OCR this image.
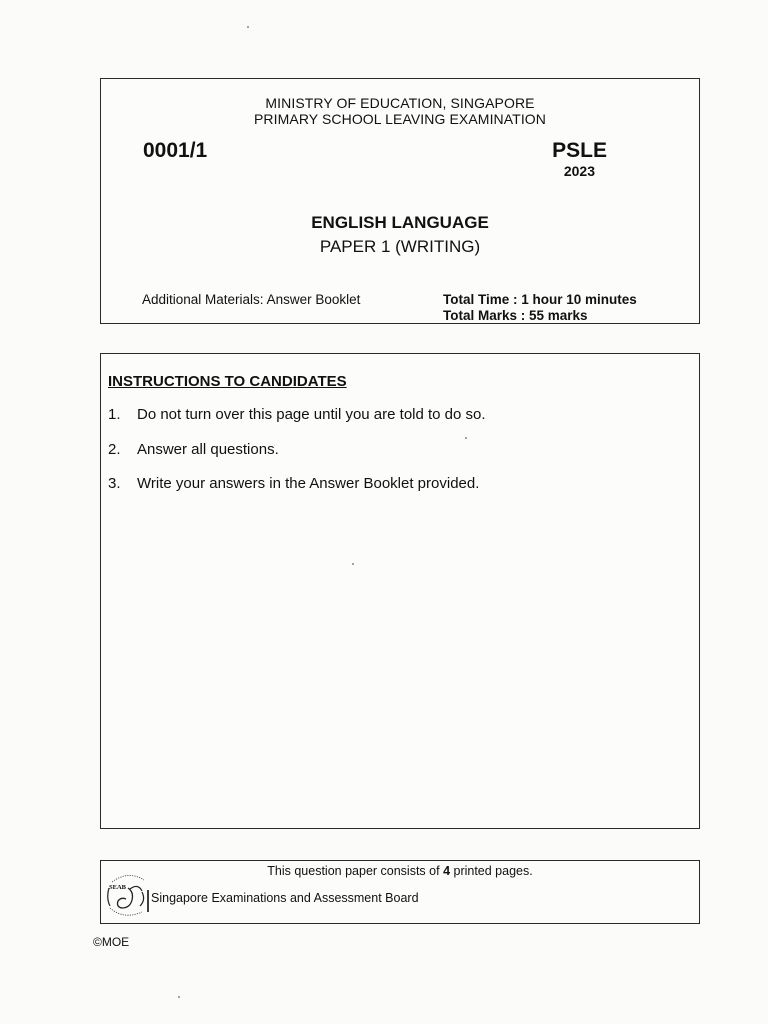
MINISTRY OF EDUCATION, SINGAPORE
PRIMARY SCHOOL LEAVING EXAMINATION
0001/1	PSLE
2023
ENGLISH LANGUAGE
PAPER 1 (WRITING)
Additional Materials: Answer Booklet	Total Time : 1 hour 10 minutes
Total Marks : 55 marks
INSTRUCTIONS TO CANDIDATES
1. Do not turn over this page until you are told to do so.
2. Answer all questions.
3. Write your answers in the Answer Booklet provided.
This question paper consists of 4 printed pages.
SEAB
Singapore Examinations and Assessment Board
©MOE
